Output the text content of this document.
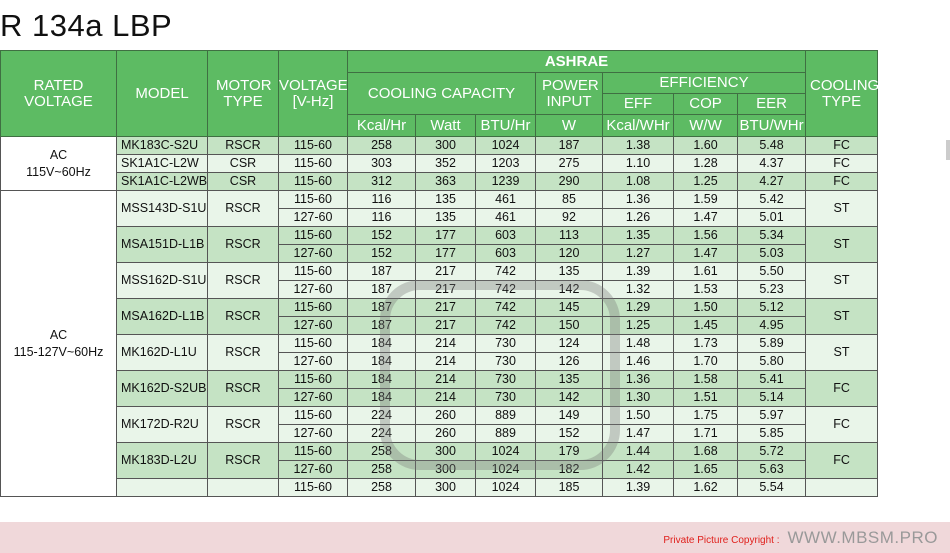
R 134a LBP
RATED VOLTAGE	MODEL	MOTOR TYPE	VOLTAGE [V-Hz]	ASHRAE							COOLING TYPE
				COOLING CAPACITY			POWER INPUT	EFFICIENCY			
								EFF	COP	EER	
				Kcal/Hr	Watt	BTU/Hr	W	Kcal/WHr	W/W	BTU/WHr	
AC
115V~60Hz	MK183C-S2U	RSCR	115-60	258	300	1024	187	1.38	1.60	5.48	FC
	SK1A1C-L2W	CSR	115-60	303	352	1203	275	1.10	1.28	4.37	FC
	SK1A1C-L2WB	CSR	115-60	312	363	1239	290	1.08	1.25	4.27	FC
AC
115-127V~60Hz	MSS143D-S1U	RSCR	115-60	116	135	461	85	1.36	1.59	5.42	ST
			127-60	116	135	461	92	1.26	1.47	5.01	
	MSA151D-L1B	RSCR	115-60	152	177	603	113	1.35	1.56	5.34	ST
			127-60	152	177	603	120	1.27	1.47	5.03	
	MSS162D-S1U	RSCR	115-60	187	217	742	135	1.39	1.61	5.50	ST
			127-60	187	217	742	142	1.32	1.53	5.23	
	MSA162D-L1B	RSCR	115-60	187	217	742	145	1.29	1.50	5.12	ST
			127-60	187	217	742	150	1.25	1.45	4.95	
	MK162D-L1U	RSCR	115-60	184	214	730	124	1.48	1.73	5.89	ST
			127-60	184	214	730	126	1.46	1.70	5.80	
	MK162D-S2UB	RSCR	115-60	184	214	730	135	1.36	1.58	5.41	FC
			127-60	184	214	730	142	1.30	1.51	5.14	
	MK172D-R2U	RSCR	115-60	224	260	889	149	1.50	1.75	5.97	FC
			127-60	224	260	889	152	1.47	1.71	5.85	
	MK183D-L2U	RSCR	115-60	258	300	1024	179	1.44	1.68	5.72	FC
			127-60	258	300	1024	182	1.42	1.65	5.63	
			115-60	258	300	1024	185	1.39	1.62	5.54	
Private Picture Copyright : WWW.MBSM.PRO
